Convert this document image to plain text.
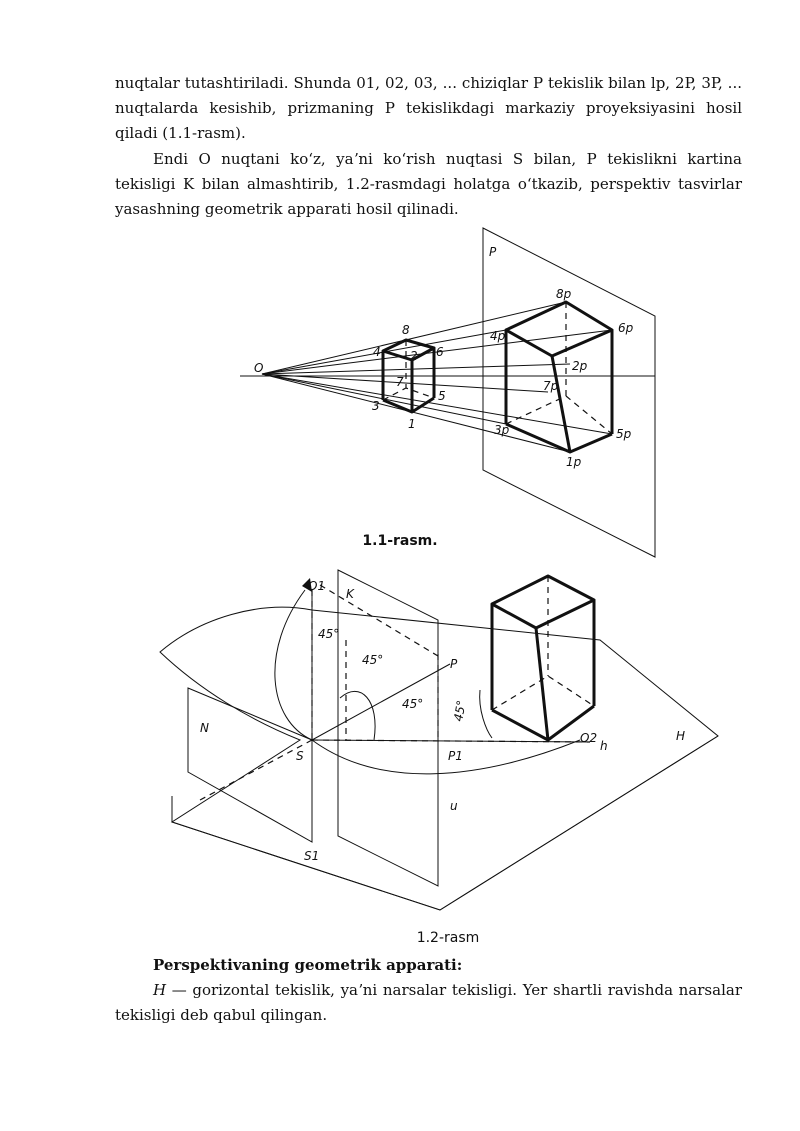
nuqtalar tutashtiriladi. Shunda 01, 02, 03, ... chiziqlar P tekislik bilan lp, 2P, 3P, ... nuqtalarda kesishib, prizmaning P tekislikdagi markaziy proyeksiyasini hosil qiladi (1.1-rasm).

Endi O nuqtani koʻz, yaʼni koʻrish nuqtasi S bilan, P tekislikni kartina tekisligi K bilan almashtirib, 1.2-rasmdagi holatga oʻtkazib, perspektiv tasvirlar yasashning geometrik apparati hosil qilinadi.

P
O
8
4 2 6
7
3
5
1
8p
4p
6p
2p
7p
3p	5p
1p
1.1-rasm.
O1
K
45°
45°
45° 45°
P
N
S	P1
S1
O2
h
u
H
1.2-rasm

Perspektivaning geometrik apparati:

H — gorizontal tekislik, yaʼni narsalar tekisligi. Yer shartli ravishda narsalar tekisligi deb qabul qilingan.
